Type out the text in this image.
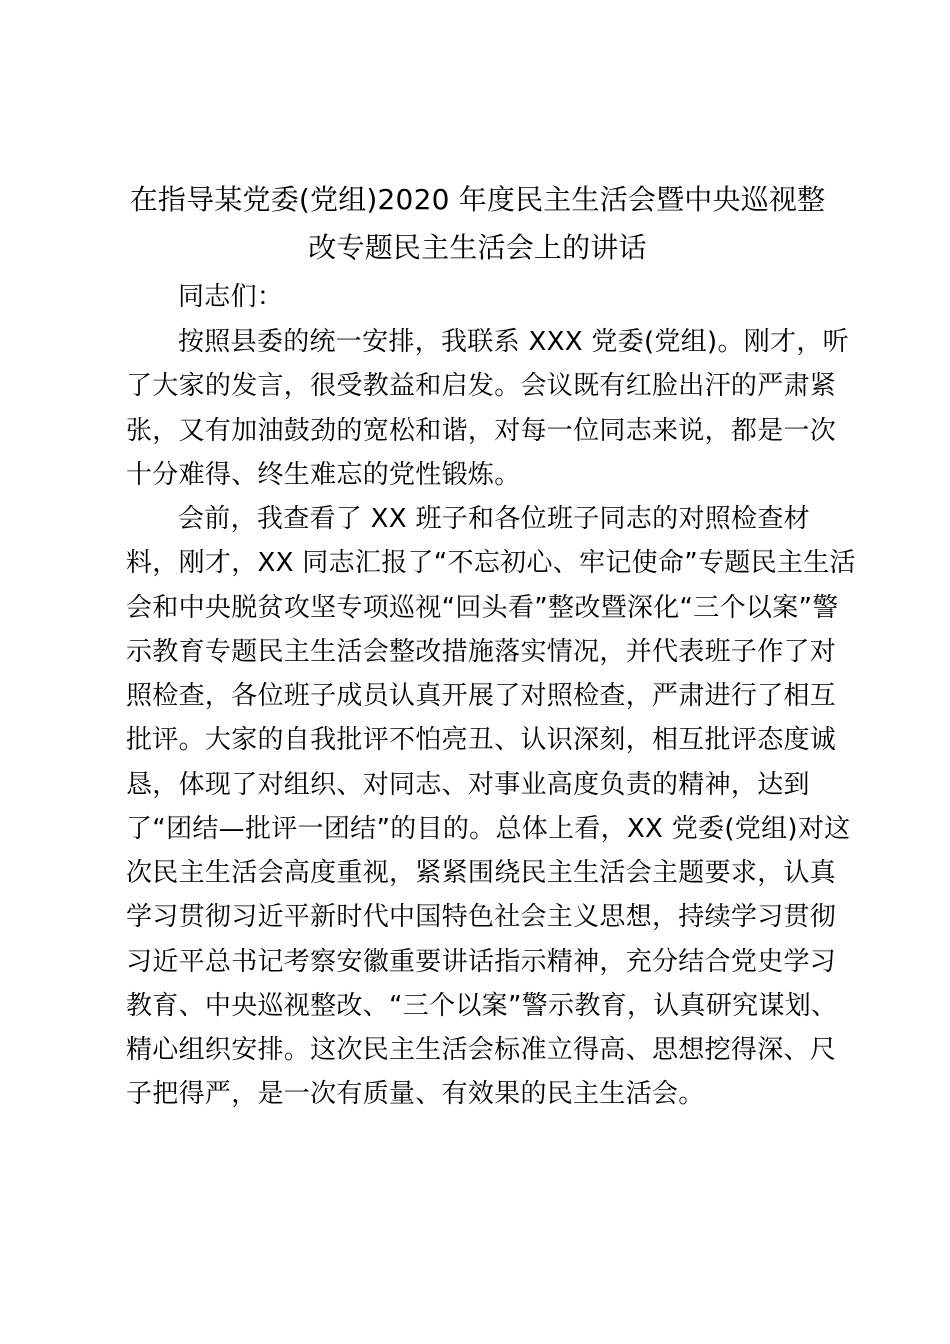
在指导某党委(党组)2020 年度民主生活会暨中央巡视整
改专题民主生活会上的讲话
同志们：
按照县委的统一安排，我联系 XXX 党委(党组)。刚才，听
了大家的发言，很受教益和启发。会议既有红脸出汗的严肃紧
张，又有加油鼓劲的宽松和谐，对每一位同志来说，都是一次
十分难得、终生难忘的党性锻炼。
会前，我查看了 XX 班子和各位班子同志的对照检查材
料，刚才，XX 同志汇报了“不忘初心、牢记使命”专题民主生活
会和中央脱贫攻坚专项巡视“回头看”整改暨深化“三个以案”警
示教育专题民主生活会整改措施落实情况，并代表班子作了对
照检查，各位班子成员认真开展了对照检查，严肃进行了相互
批评。大家的自我批评不怕亮丑、认识深刻，相互批评态度诚
恳，体现了对组织、对同志、对事业高度负责的精神，达到
了“团结—批评一团结”的目的。总体上看，XX 党委(党组)对这
次民主生活会高度重视，紧紧围绕民主生活会主题要求，认真
学习贯彻习近平新时代中国特色社会主义思想，持续学习贯彻
习近平总书记考察安徽重要讲话指示精神，充分结合党史学习
教育、中央巡视整改、“三个以案”警示教育，认真研究谋划、
精心组织安排。这次民主生活会标准立得高、思想挖得深、尺
子把得严，是一次有质量、有效果的民主生活会。
